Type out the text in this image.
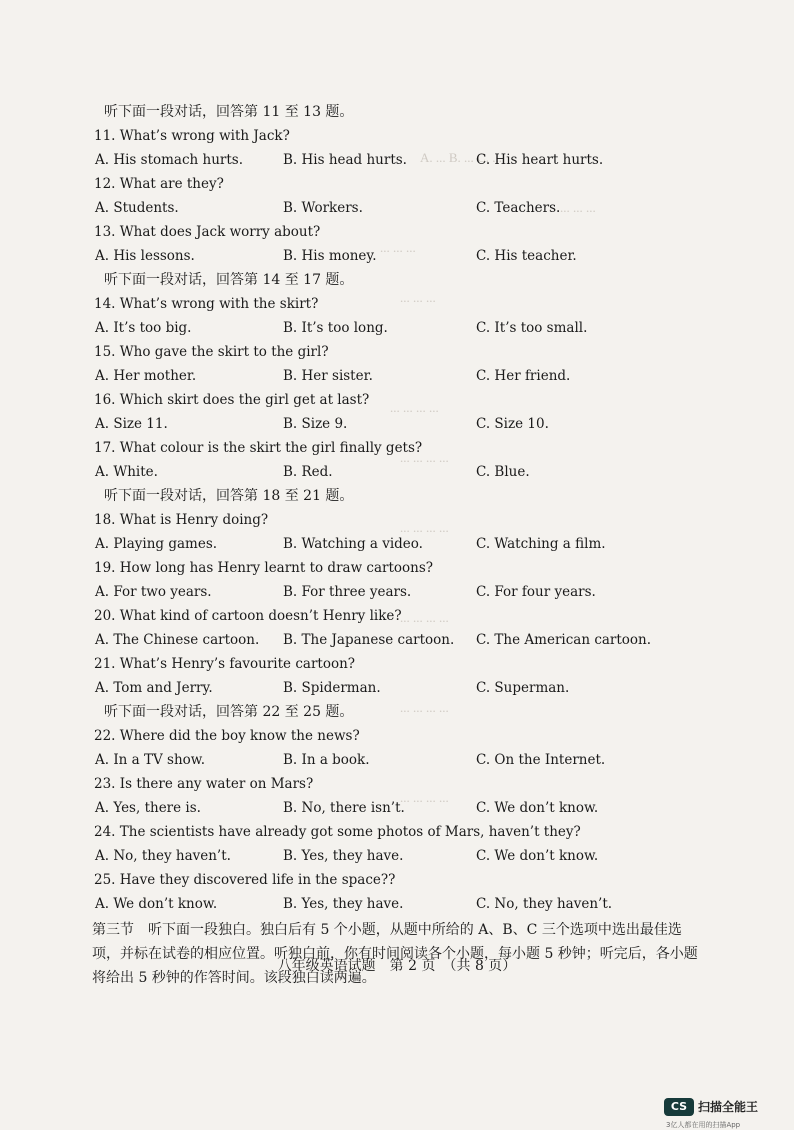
A. ... B. ... C. ...
... ... ...
... ... ...
... ... ...
... ... ... ...
... ... ... ...
... ... ... ...
... ... ... ...
... ... ... ...
... ... ... ...
听下面一段对话，回答第 11 至 13 题。
11. What’s wrong with Jack?
A. His stomach hurts.	B. His head hurts.	C. His heart hurts.
12. What are they?
A. Students.	B. Workers.	C. Teachers.
13. What does Jack worry about?
A. His lessons.	B. His money.	C. His teacher.
听下面一段对话，回答第 14 至 17 题。
14. What’s wrong with the skirt?
A. It’s too big.	B. It’s too long.	C. It’s too small.
15. Who gave the skirt to the girl?
A. Her mother.	B. Her sister.	C. Her friend.
16. Which skirt does the girl get at last?
A. Size 11.	B. Size 9.	C. Size 10.
17. What colour is the skirt the girl finally gets?
A. White.	B. Red.	C. Blue.
听下面一段对话，回答第 18 至 21 题。
18. What is Henry doing?
A. Playing games.	B. Watching a video.	C. Watching a film.
19. How long has Henry learnt to draw cartoons?
A. For two years.	B. For three years.	C. For four years.
20. What kind of cartoon doesn’t Henry like?
A. The Chinese cartoon. B. The Japanese cartoon. C. The American cartoon.
21. What’s Henry’s favourite cartoon?
A. Tom and Jerry.	B. Spiderman.	C. Superman.
听下面一段对话，回答第 22 至 25 题。
22. Where did the boy know the news?
A. In a TV show.	B. In a book.	C. On the Internet.
23. Is there any water on Mars?
A. Yes, there is.	B. No, there isn’t.	C. We don’t know.
24. The scientists have already got some photos of Mars, haven’t they?
A. No, they haven’t.	B. Yes, they have.	C. We don’t know.
25. Have they discovered life in the space??
A. We don’t know.	B. Yes, they have.	C. No, they haven’t.
第三节　听下面一段独白。独白后有 5 个小题，从题中所给的 A、B、C 三个选项中选出最佳选项，并标在试卷的相应位置。听独白前，你有时间阅读各个小题，每小题 5 秒钟；听完后，各小题将给出 5 秒钟的作答时间。该段独白读两遍。
八年级英语试题　第 2 页　（共 8 页）
CS 扫描全能王
3亿人都在用的扫描App
